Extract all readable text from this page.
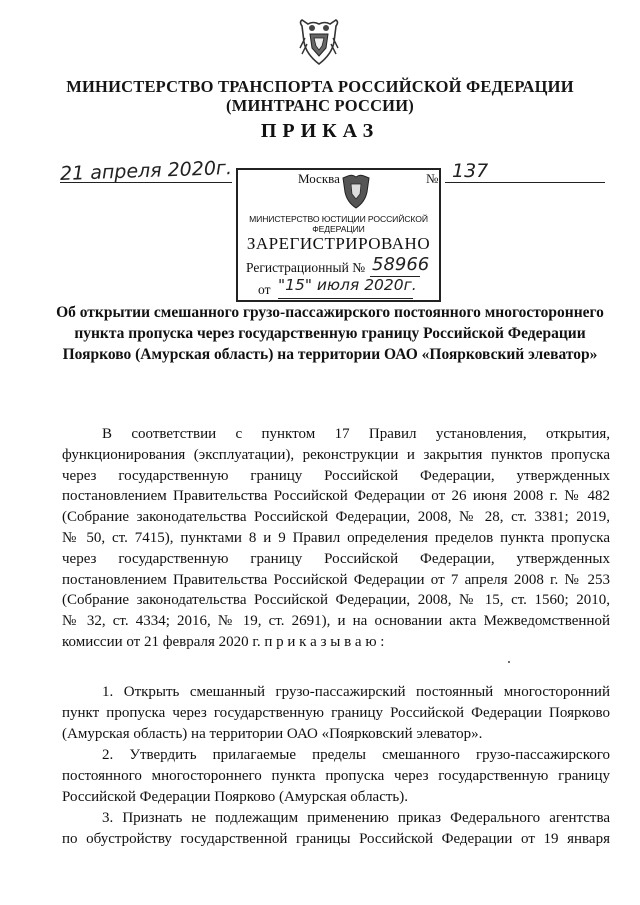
МИНИСТЕРСТВО ТРАНСПОРТА РОССИЙСКОЙ ФЕДЕРАЦИИ
(МИНТРАНС РОССИИ)
ПРИКАЗ
21 апреля 2020г.	137
Москва	№
МИНИСТЕРСТВО ЮСТИЦИИ РОССИЙСКОЙ ФЕДЕРАЦИИ
ЗАРЕГИСТРИРОВАНО
Регистрационный № 58966
от "15" июля 2020г.
Об открытии смешанного грузо-пассажирского постоянного многостороннего
пункта пропуска через государственную границу Российской Федерации
Поярково (Амурская область) на территории ОАО «Поярковский элеватор»
В соответствии с пунктом 17 Правил установления, открытия,
функционирования (эксплуатации), реконструкции и закрытия пунктов пропуска
через государственную границу Российской Федерации, утвержденных
постановлением Правительства Российской Федерации от 26 июня 2008 г. № 482
(Собрание законодательства Российской Федерации, 2008, № 28, ст. 3381; 2019,
№ 50, ст. 7415), пунктами 8 и 9 Правил определения пределов пункта пропуска
через государственную границу Российской Федерации, утвержденных
постановлением Правительства Российской Федерации от 7 апреля 2008 г. № 253
(Собрание законодательства Российской Федерации, 2008, № 15, ст. 1560; 2010,
№ 32, ст. 4334; 2016, № 19, ст. 2691), и на основании акта Межведомственной
комиссии от 21 февраля 2020 г. п р и к а з ы в а ю :
1. Открыть смешанный грузо-пассажирский постоянный многосторонний
пункт пропуска через государственную границу Российской Федерации Поярково
(Амурская область) на территории ОАО «Поярковский элеватор».
2. Утвердить прилагаемые пределы смешанного грузо-пассажирского
постоянного многостороннего пункта пропуска через государственную границу
Российской Федерации Поярково (Амурская область).
3. Признать не подлежащим применению приказ Федерального агентства
по обустройству государственной границы Российской Федерации от 19 января
